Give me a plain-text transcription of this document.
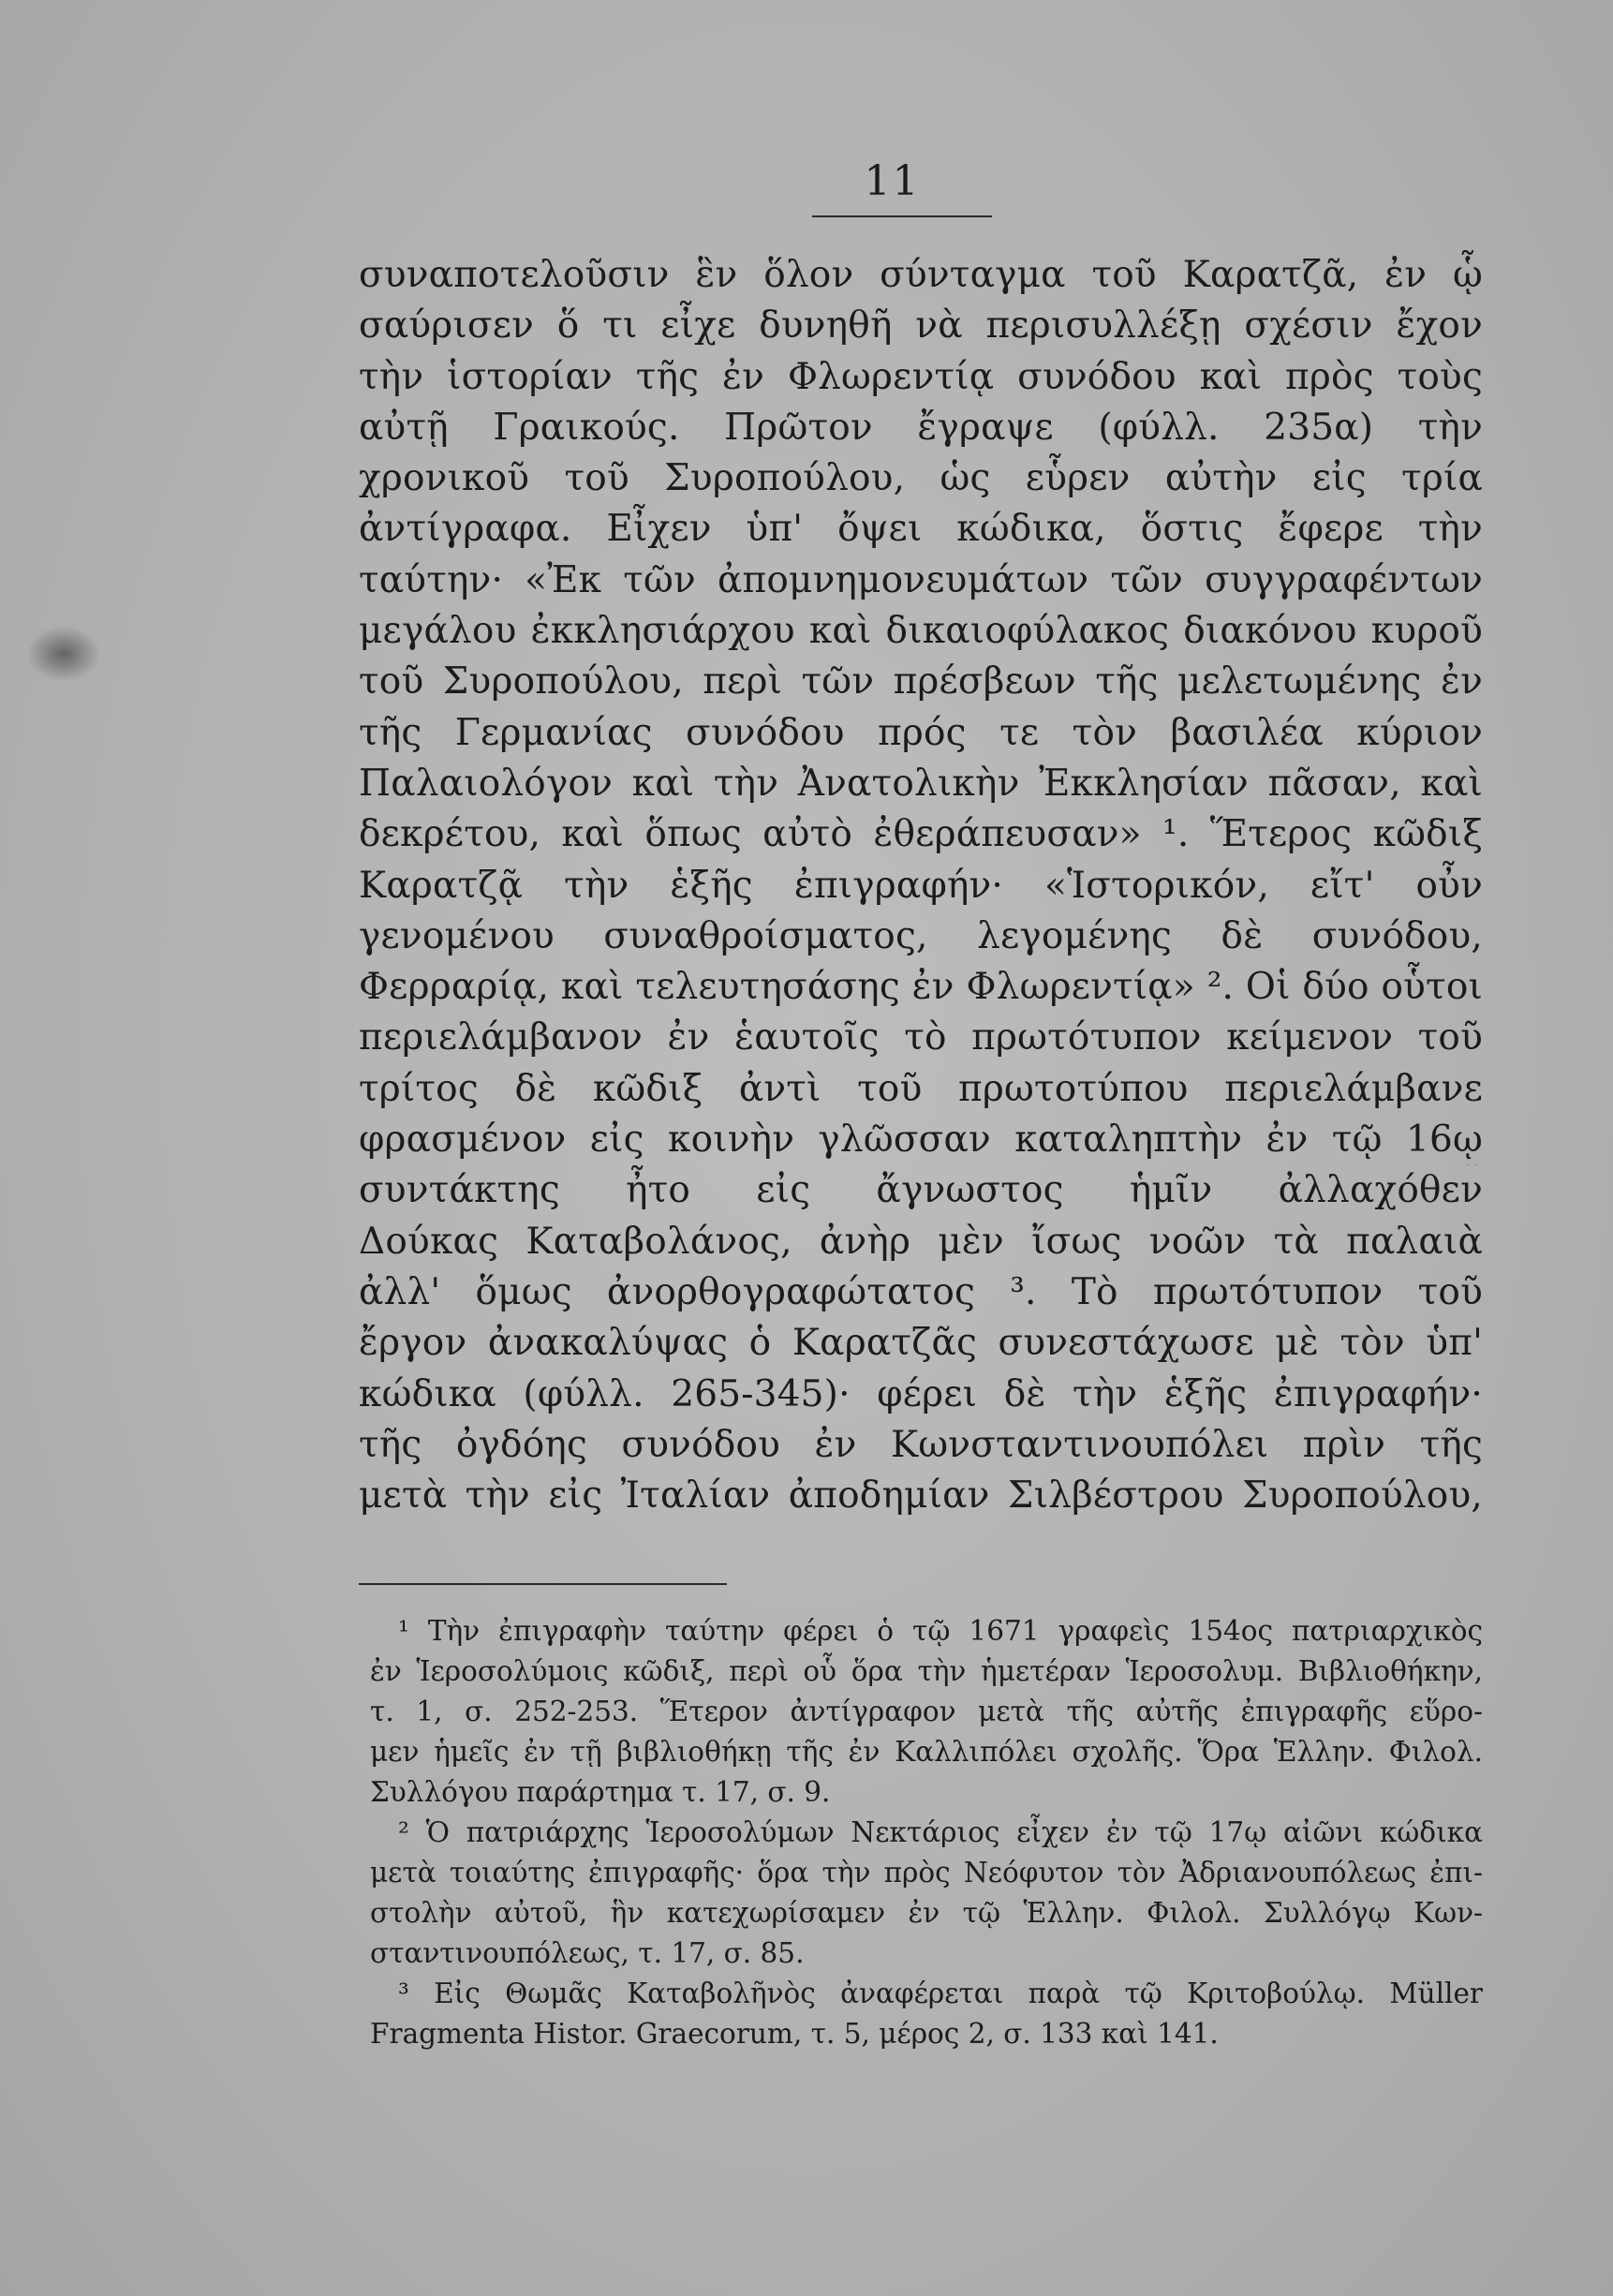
11
συναποτελοῦσιν ἓν ὅλον σύνταγμα τοῦ Καρατζᾶ, ἐν ᾧ
σαύρισεν ὅ τι εἶχε δυνηθῆ νὰ περισυλλέξῃ σχέσιν ἔχον
τὴν ἱστορίαν τῆς ἐν Φλωρεντίᾳ συνόδου καὶ πρὸς τοὺς
αὐτῇ Γραικούς. Πρῶτον ἔγραψε (φύλλ. 235α) τὴν
χρονικοῦ τοῦ Συροπούλου, ὡς εὗρεν αὐτὴν εἰς τρία
ἀντίγραφα. Εἶχεν ὑπ' ὄψει κώδικα, ὅστις ἔφερε τὴν
ταύτην· «Ἐκ τῶν ἀπομνημονευμάτων τῶν συγγραφέντων
μεγάλου ἐκκλησιάρχου καὶ δικαιοφύλακος διακόνου κυροῦ
τοῦ Συροπούλου, περὶ τῶν πρέσβεων τῆς μελετωμένης ἐν
τῆς Γερμανίας συνόδου πρός τε τὸν βασιλέα κύριον
Παλαιολόγον καὶ τὴν Ἀνατολικὴν Ἐκκλησίαν πᾶσαν, καὶ
δεκρέτου, καὶ ὅπως αὐτὸ ἐθεράπευσαν» ¹. Ἕτερος κῶδιξ
Καρατζᾷ τὴν ἑξῆς ἐπιγραφήν· «Ἱστορικόν, εἴτ' οὖν
γενομένου συναθροίσματος, λεγομένης δὲ συνόδου,
Φερραρίᾳ, καὶ τελευτησάσης ἐν Φλωρεντίᾳ» ². Οἱ δύο οὗτοι
περιελάμβανον ἐν ἑαυτοῖς τὸ πρωτότυπον κείμενον τοῦ
τρίτος δὲ κῶδιξ ἀντὶ τοῦ πρωτοτύπου περιελάμβανε
φρασμένον εἰς κοινὴν γλῶσσαν καταληπτὴν ἐν τῷ 16ῳ
συντάκτης ἦτο εἰς ἄγνωστος ἡμῖν ἀλλαχόθεν
Δούκας Καταβολάνος, ἀνὴρ μὲν ἴσως νοῶν τὰ παλαιὰ
ἀλλ' ὅμως ἀνορθογραφώτατος ³. Τὸ πρωτότυπον τοῦ
ἔργον ἀνακαλύψας ὁ Καρατζᾶς συνεστάχωσε μὲ τὸν ὑπ'
κώδικα (φύλλ. 265-345)· φέρει δὲ τὴν ἑξῆς ἐπιγραφήν·
τῆς ὀγδόης συνόδου ἐν Κωνσταντινουπόλει πρὶν τῆς
μετὰ τὴν εἰς Ἰταλίαν ἀποδημίαν Σιλβέστρου Συροπούλου,
¹ Τὴν ἐπιγραφὴν ταύτην φέρει ὁ τῷ 1671 γραφεὶς 154ος πατριαρχικὸς
ἐν Ἱεροσολύμοις κῶδιξ, περὶ οὗ ὅρα τὴν ἡμετέραν Ἱεροσολυμ. Βιβλιοθήκην,
τ. 1, σ. 252-253. Ἕτερον ἀντίγραφον μετὰ τῆς αὐτῆς ἐπιγραφῆς εὕρο-
μεν ἡμεῖς ἐν τῇ βιβλιοθήκῃ τῆς ἐν Καλλιπόλει σχολῆς. Ὅρα Ἑλλην. Φιλολ.
Συλλόγου παράρτημα τ. 17, σ. 9.
² Ὁ πατριάρχης Ἱεροσολύμων Νεκτάριος εἶχεν ἐν τῷ 17ῳ αἰῶνι κώδικα
μετὰ τοιαύτης ἐπιγραφῆς· ὅρα τὴν πρὸς Νεόφυτον τὸν Ἀδριανουπόλεως ἐπι-
στολὴν αὐτοῦ, ἣν κατεχωρίσαμεν ἐν τῷ Ἑλλην. Φιλολ. Συλλόγῳ Κων-
σταντινουπόλεως, τ. 17, σ. 85.
³ Εἰς Θωμᾶς Καταβολῆνὸς ἀναφέρεται παρὰ τῷ Κριτοβούλῳ. Müller
Fragmenta Histor. Graecorum, τ. 5, μέρος 2, σ. 133 καὶ 141.
